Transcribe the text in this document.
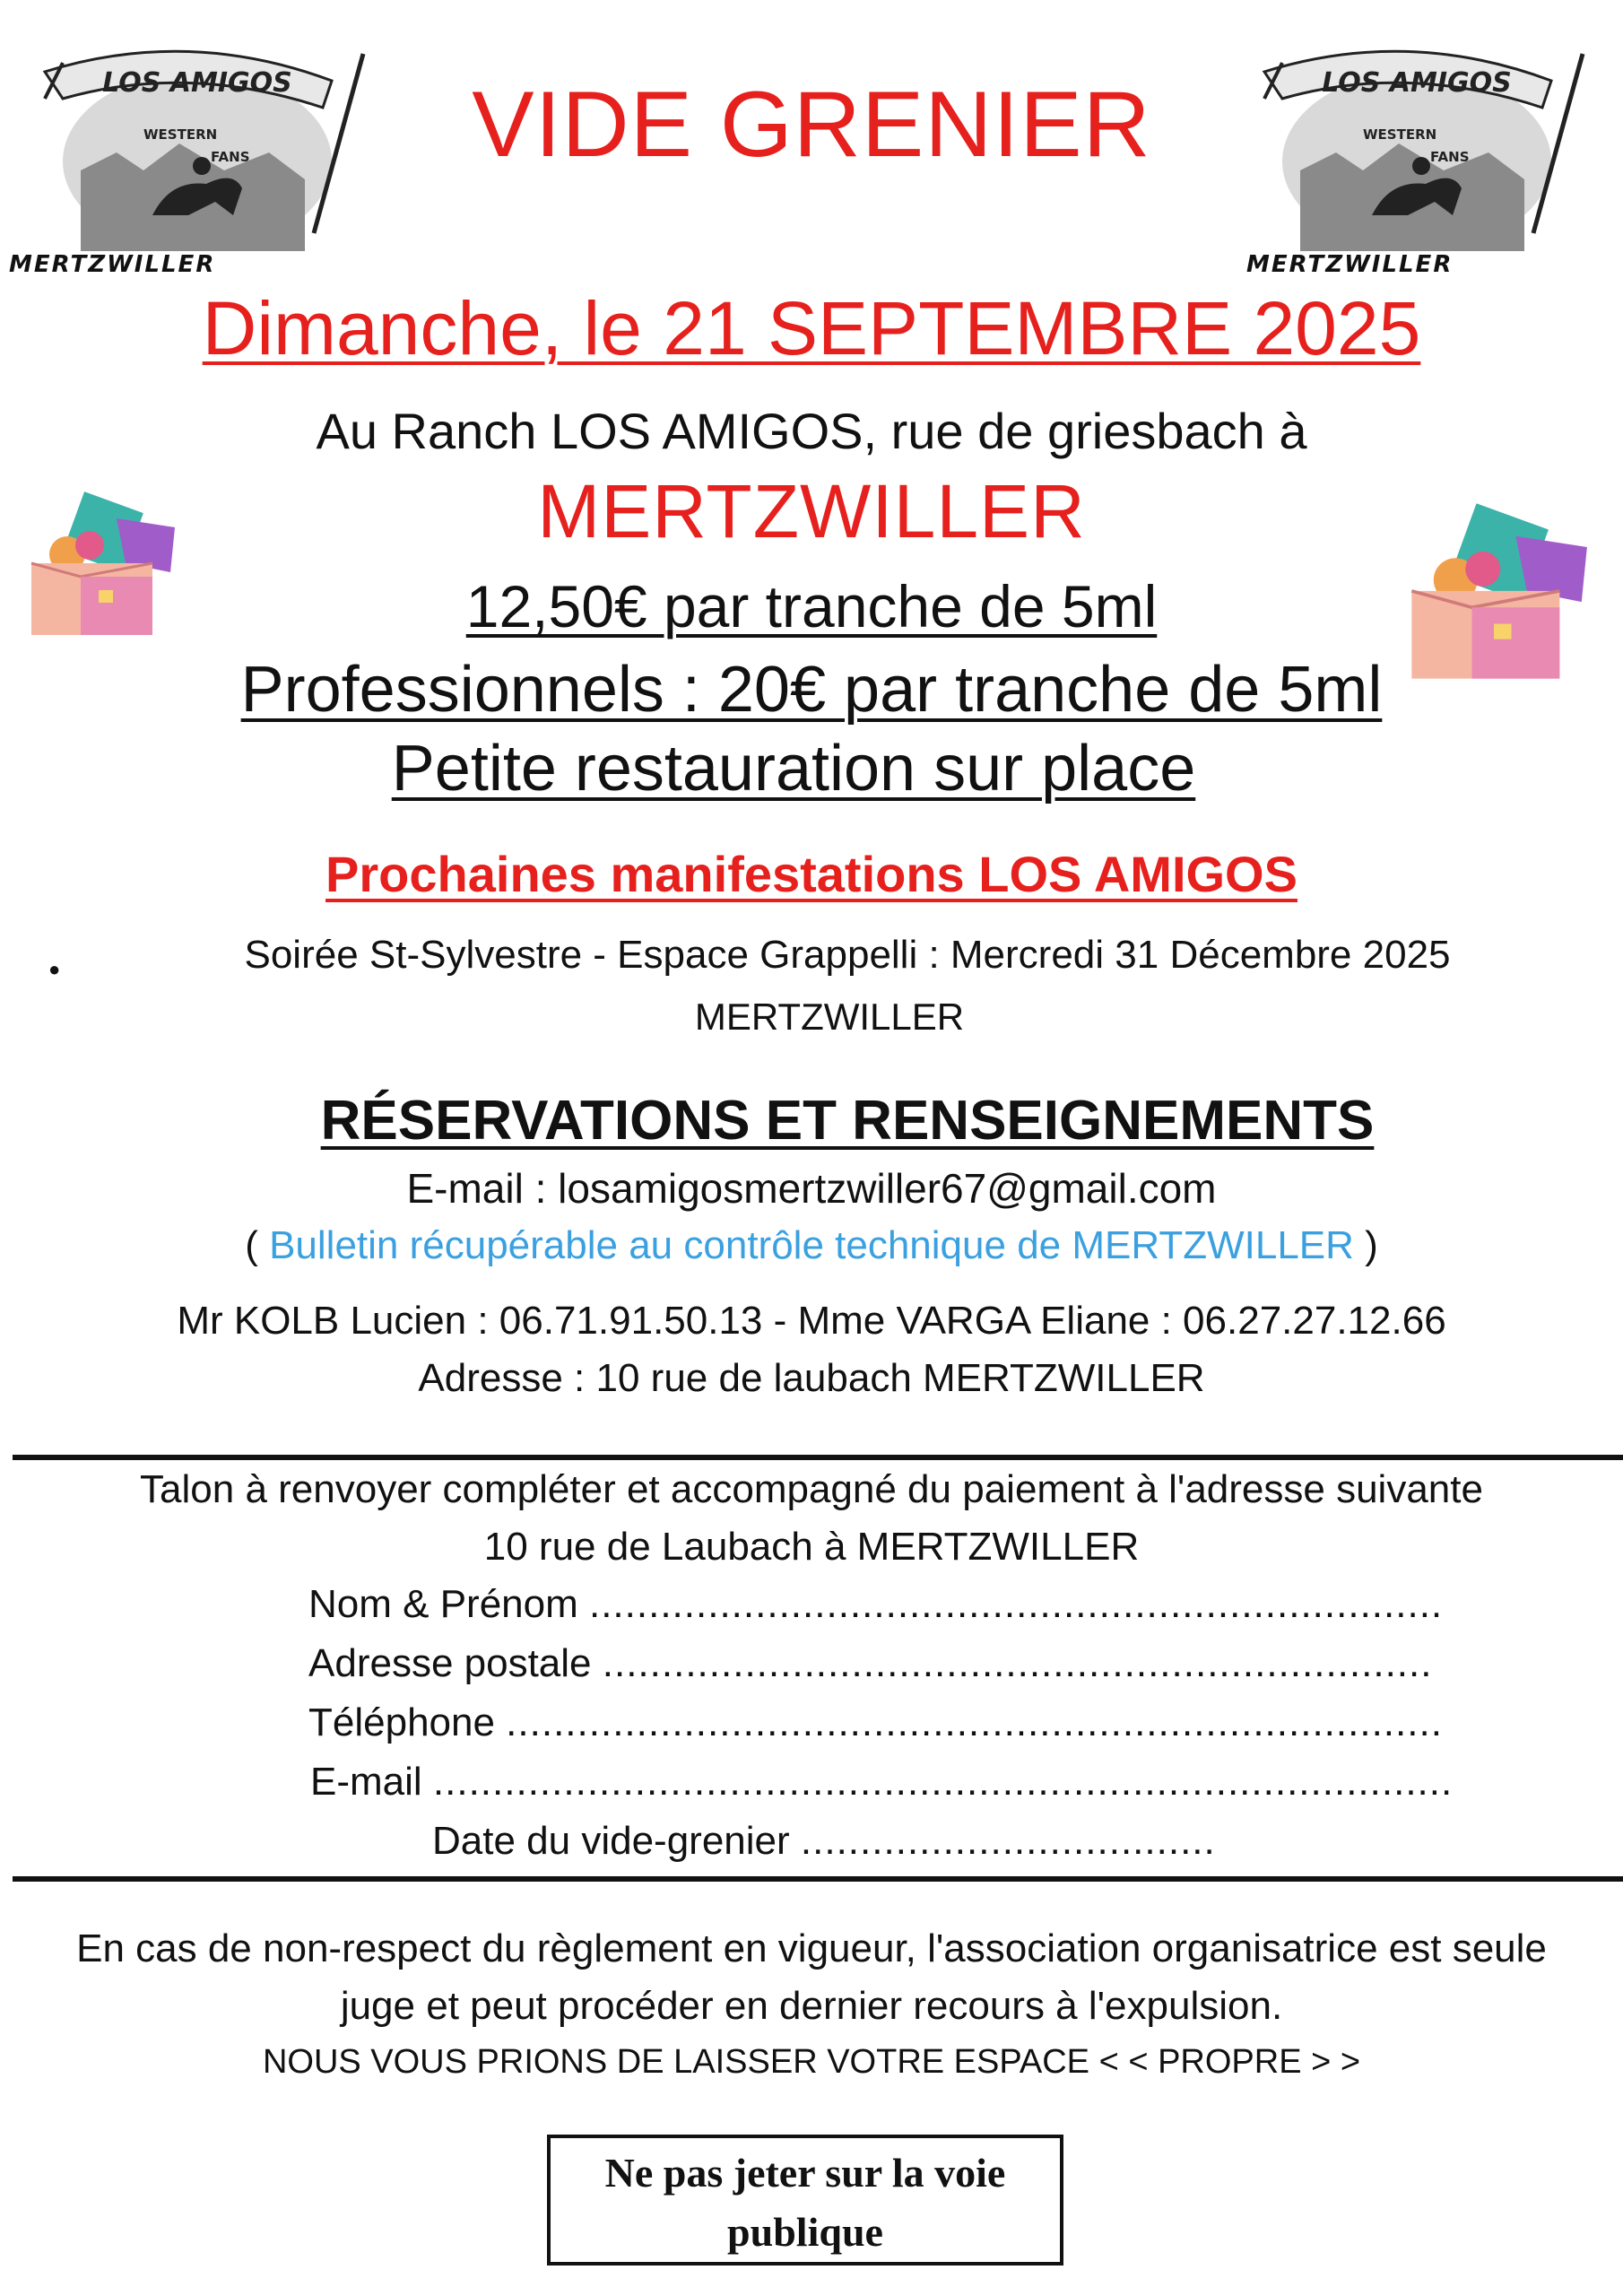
LOS AMIGOS
WESTERN
FANS
MERTZWILLER
LOS AMIGOS
WESTERN
FANS
MERTZWILLER
VIDE GRENIER
Dimanche, le 21 SEPTEMBRE 2025
Au Ranch LOS AMIGOS, rue de griesbach à
MERTZWILLER
12,50€ par tranche de 5ml
Professionnels : 20€ par tranche de 5ml
Petite restauration sur place
Prochaines manifestations LOS AMIGOS
●	Soirée St-Sylvestre - Espace Grappelli : Mercredi 31 Décembre 2025
MERTZWILLER
RÉSERVATIONS ET RENSEIGNEMENTS
E-mail : losamigosmertzwiller67@gmail.com
( Bulletin récupérable au contrôle technique de MERTZWILLER )
Mr KOLB Lucien : 06.71.91.50.13 - Mme VARGA Eliane : 06.27.27.12.66
Adresse : 10 rue de laubach MERTZWILLER
Talon à renvoyer compléter et accompagné du paiement à l'adresse suivante
10 rue de Laubach à MERTZWILLER
Nom & Prénom ........................................................................
Adresse postale ......................................................................
Téléphone ...............................................................................
E-mail ......................................................................................
Date du vide-grenier ...................................
En cas de non-respect du règlement en vigueur, l'association organisatrice est seule
juge et peut procéder en dernier recours à l'expulsion.
NOUS VOUS PRIONS DE LAISSER VOTRE ESPACE < < PROPRE > >
Ne pas jeter sur la voie
publique
